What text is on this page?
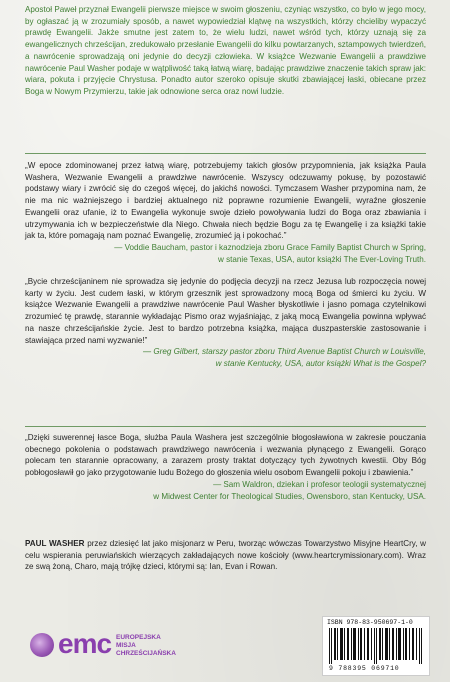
Apostoł Paweł przyznał Ewangelii pierwsze miejsce w swoim głoszeniu, czyniąc wszystko, co było w jego mocy, by ogłaszać ją w zrozumiały sposób, a nawet wypowiedział klątwę na wszystkich, którzy chcieliby wypaczyć prawdę Ewangelii. Jakże smutne jest zatem to, że wielu ludzi, nawet wśród tych, którzy uznają się za ewangelicznych chrześcijan, zredukowało przesłanie Ewangelii do kilku powtarzanych, sztampowych twierdzeń, a nawrócenie sprowadzają oni jedynie do decyzji człowieka. W książce Wezwanie Ewangelii a prawdziwe nawrócenie Paul Washer podaje w wątpliwość taką łatwą wiarę, badając prawdziwe znaczenie takich spraw jak: wiara, pokuta i przyjęcie Chrystusa. Ponadto autor szeroko opisuje skutki zbawiającej łaski, obiecane przez Boga w Nowym Przymierzu, takie jak odnowione serca oraz nowi ludzie.

„W epoce zdominowanej przez łatwą wiarę, potrzebujemy takich głosów przypomnienia, jak książka Paula Washera, Wezwanie Ewangelii a prawdziwe nawrócenie. Wszyscy odczuwamy pokusę, by pozostawić podstawy wiary i zwrócić się do czegoś więcej, do jakichś nowości. Tymczasem Washer przypomina nam, że nie ma nic ważniejszego i bardziej aktualnego niż poprawne rozumienie Ewangelii, wyraźne głoszenie Ewangelii oraz ufanie, iż to Ewangelia wykonuje swoje dzieło powoływania ludzi do Boga oraz zbawiania i utrzymywania ich w bezpieczeństwie dla Niego. Chwała niech będzie Bogu za tę Ewangelię i za książki takie jak ta, które pomagają nam poznać Ewangelię, zrozumieć ją i pokochać.”
— Voddie Baucham, pastor i kaznodzieja zboru Grace Family Baptist Church w Spring,
w stanie Texas, USA, autor książki The Ever-Loving Truth.
„Bycie chrześcijaninem nie sprowadza się jedynie do podjęcia decyzji na rzecz Jezusa lub rozpoczęcia nowej karty w życiu. Jest cudem łaski, w którym grzesznik jest sprowadzony mocą Boga od śmierci ku życiu. W książce Wezwanie Ewangelii a prawdziwe nawrócenie Paul Washer błyskotliwie i jasno pomaga czytelnikowi zrozumieć tę prawdę, starannie wykładając Pismo oraz wyjaśniając, z jaką mocą Ewangelia powinna wpływać na nasze chrześcijańskie życie. Jest to bardzo potrzebna książka, mająca duszpasterskie zastosowanie i stawiająca przed nami wyzwanie!”
— Greg Gilbert, starszy pastor zboru Third Avenue Baptist Church w Louisville,
w stanie Kentucky, USA, autor książki What is the Gospel?
„Dzięki suwerennej łasce Boga, służba Paula Washera jest szczególnie błogosławiona w zakresie pouczania obecnego pokolenia o podstawach prawdziwego nawrócenia i wezwania płynącego z Ewangelii. Gorąco polecam ten starannie opracowany, a zarazem prosty traktat dotyczący tych żywotnych kwestii. Oby Bóg pobłogosławił go jako przygotowanie ludu Bożego do głoszenia wielu osobom Ewangelii pokoju i zbawienia.”
— Sam Waldron, dziekan i profesor teologii systematycznej
w Midwest Center for Theological Studies, Owensboro, stan Kentucky, USA.
PAUL WASHER przez dziesięć lat jako misjonarz w Peru, tworząc wówczas Towarzystwo Misyjne HeartCry, w celu wspierania peruwiańskich wierzących zakładających nowe kościoły (www.heartcrymissionary.com). Wraz ze swą żoną, Charo, mają trójkę dzieci, którymi są: Ian, Evan i Rowan.
emc EUROPEJSKA
MISJA
CHRZEŚCIJAŃSKA
ISBN 978-83-950697-1-0
9 788395 069710
